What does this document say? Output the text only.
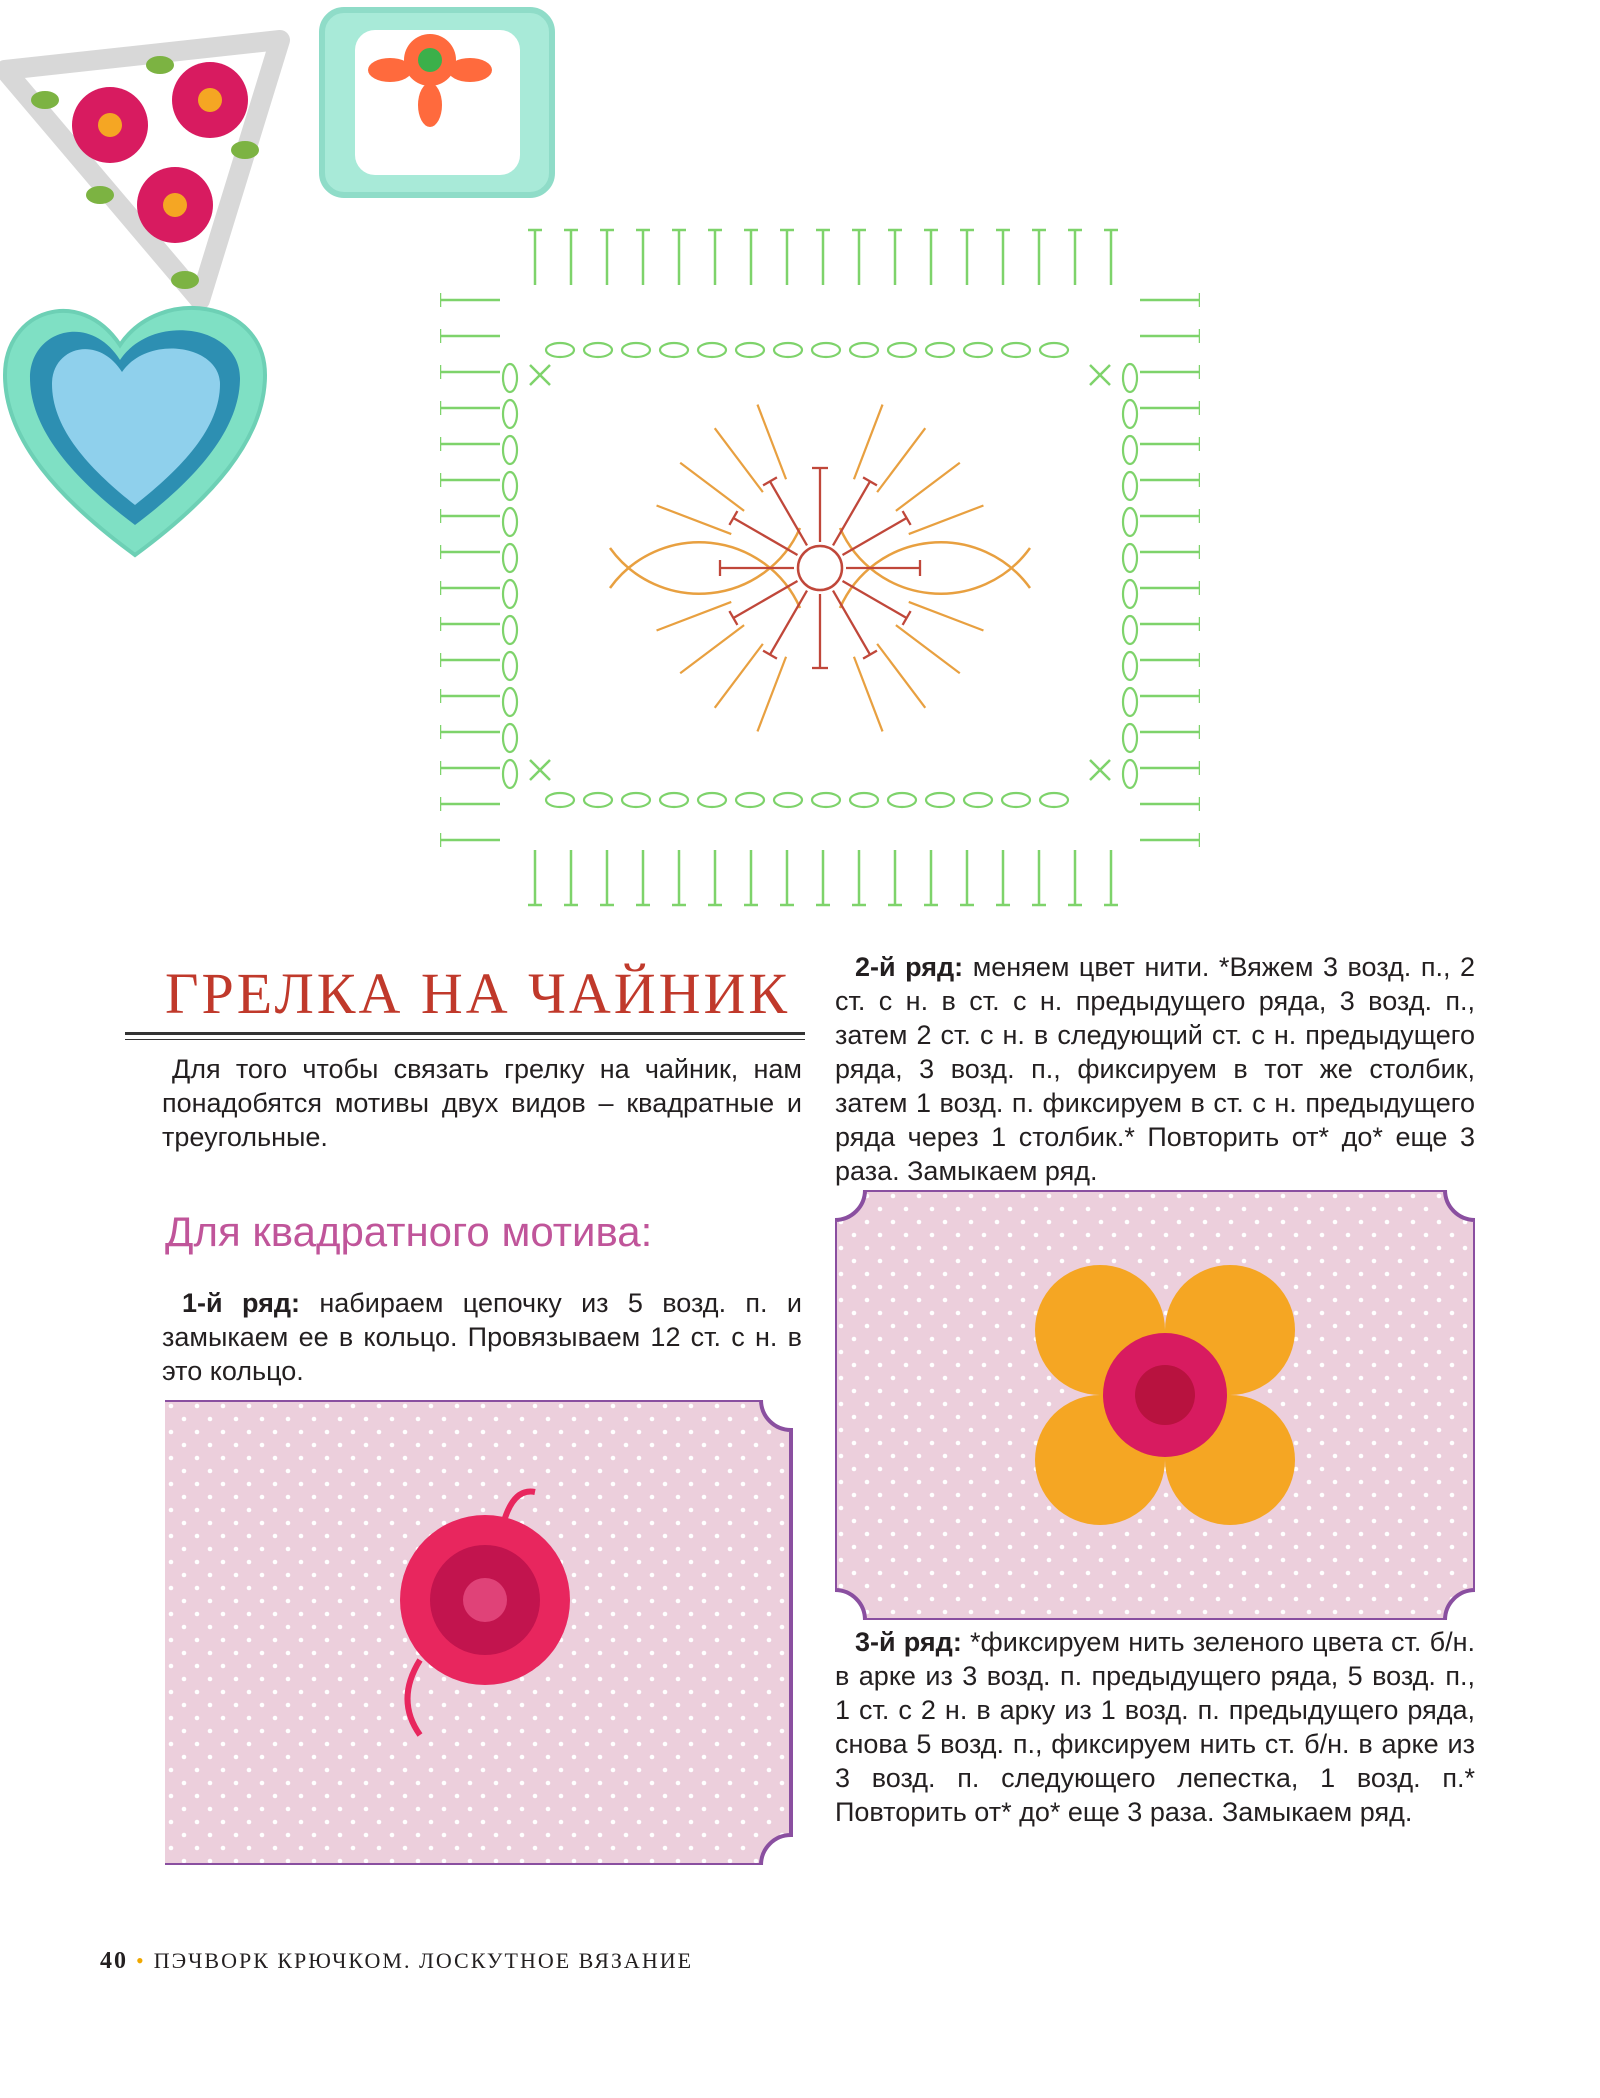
ГРЕЛКА НА ЧАЙНИК
Для того чтобы связать грелку на чайник, нам понадобятся мотивы двух видов – квадратные и треугольные.
Для квадратного мотива:
1-й ряд: набираем цепочку из 5 возд. п. и замыкаем ее в кольцо. Провязываем 12 ст. с н. в это кольцо.
2-й ряд: меняем цвет нити. *Вяжем 3 возд. п., 2 ст. с н. в ст. с н. предыдущего ряда, 3 возд. п., затем 2 ст. с н. в следующий ст. с н. предыдущего ряда, 3 возд. п., фиксируем в тот же столбик, затем 1 возд. п. фиксируем в ст. с н. предыдущего ряда через 1 столбик.* Повторить от* до* еще 3 раза. Замыкаем ряд.
3-й ряд: *фиксируем нить зеленого цвета ст. б/н. в арке из 3 возд. п. предыдущего ряда, 5 возд. п., 1 ст. с 2 н. в арку из 1 возд. п. предыдущего ряда, снова 5 возд. п., фиксируем нить ст. б/н. в арке из 3 возд. п. следующего лепестка, 1 возд. п.* Повторить от* до* еще 3 раза. Замыкаем ряд.
40 • ПЭЧВОРК КРЮЧКОМ. ЛОСКУТНОЕ ВЯЗАНИЕ
